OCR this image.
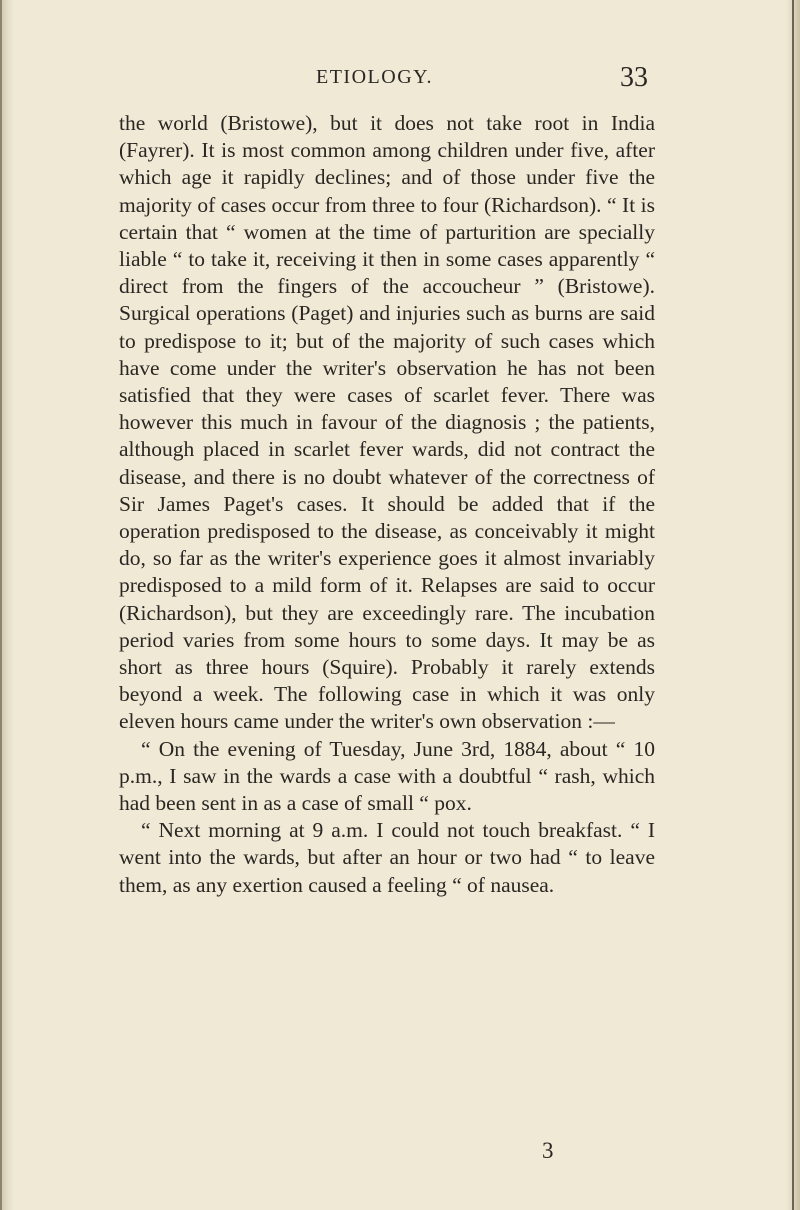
ETIOLOGY.	33

the world (Bristowe), but it does not take root in India (Fayrer). It is most common among children under five, after which age it rapidly declines; and of those under five the majority of cases occur from three to four (Richardson). “ It is certain that “ women at the time of parturition are specially liable “ to take it, receiving it then in some cases apparently “ direct from the fingers of the accoucheur ” (Bristowe). Surgical operations (Paget) and injuries such as burns are said to predispose to it; but of the majority of such cases which have come under the writer's observation he has not been satisfied that they were cases of scarlet fever. There was however this much in favour of the diagnosis ; the patients, although placed in scarlet fever wards, did not contract the disease, and there is no doubt whatever of the correctness of Sir James Paget's cases. It should be added that if the operation predisposed to the disease, as conceivably it might do, so far as the writer's experience goes it almost invariably predisposed to a mild form of it. Relapses are said to occur (Richardson), but they are exceedingly rare. The incubation period varies from some hours to some days. It may be as short as three hours (Squire). Probably it rarely extends beyond a week. The following case in which it was only eleven hours came under the writer's own observation :—

“ On the evening of Tuesday, June 3rd, 1884, about “ 10 p.m., I saw in the wards a case with a doubtful “ rash, which had been sent in as a case of small “ pox.

“ Next morning at 9 a.m. I could not touch breakfast. “ I went into the wards, but after an hour or two had “ to leave them, as any exertion caused a feeling “ of nausea.

3
